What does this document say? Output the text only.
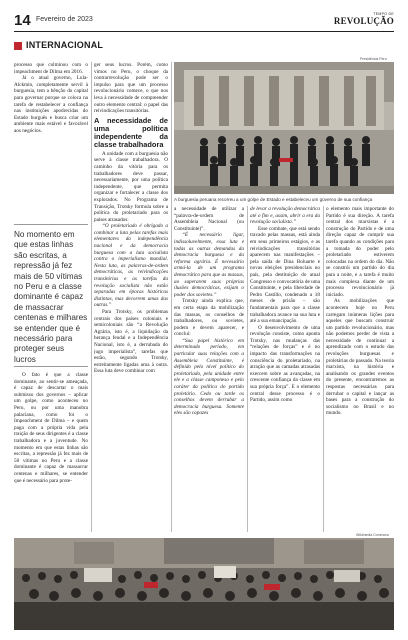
14 Fevereiro de 2023
TEMPO DE
REVOLUÇÃO
INTERNACIONAL

processo que culminou com o impeachment de Dilma em 2016.

Já o atual governo, Lula-Alckmin, completamente servil à burguesia, tem a bênção do capital para governar porque se coloca na tarefa de restabelecer a confiança nas instituições apodrecidas do Estado burguês e busca criar um ambiente mais estável e favorável aos negócios.

No momento em que estas linhas são escritas, a repressão já fez mais de 50 vítimas no Peru e a classe dominante é capaz de massacrar centenas e milhares se entender que é necessário para proteger seus lucros

O fato é que a classe dominante, ao sentir-se ameaçada, é capaz de descartar o mais submisso dos governos – aplicar um golpe, como aconteceu no Peru, ou por uma manobra palaciana, como foi o Impeachment de Dilma – e quem paga com a própria vida pela traição de seus dirigentes é a classe trabalhadora e a juventude. No momento em que estas linhas são escritas, a repressão já fez mais de 50 vítimas no Peru e a classe dominante é capaz de massacrar centenas e milhares, se entender que é necessário para prote-

ger seus lucros. Porém, como vimos no Peru, o choque da contrarrevolução pode ser o impulso para que um processo revolucionário comece, o que nos leva à necessidade de compreender outro elemento central: o papel das reivindicações transitórias.

A necessidade de uma política independente da classe trabalhadora

A unidade com a burguesia não serve à classe trabalhadora. O caminho da vitória para os trabalhadores deve passar, necessariamente, por uma política independente, que permita organizar e fortalecer a classe dos explorados. No Programa de Transição, Trotsky formula sobre a política do proletariado para os países atrasados:

“O proletariado é obrigado a combinar a luta pelas tarefas mais elementares da independência nacional e da democracia burguesa com a luta socialista contra o imperialismo mundial. Nesta luta, as palavras-de-ordem democráticas, as reivindicações transitórias e as tarefas da revolução socialista não estão separadas em épocas históricas distintas, mas decorrem umas das outras.”

Para Trotsky, os problemas centrais dos países coloniais e semicoloniais são “a Revolução Agrária, isto é, a liquidação da herança feudal e a Independência Nacional, isto é, a derrubada do jugo imperialista”, tarefas que estão, segundo Trotsky, estreitamente ligadas uma à outra. Essa luta deve combinar com

Presidência Peru
A burguesia peruana recorreu a um golpe de Estado e estabeleceu um governo de sua confiança

a necessidade de utilizar a “palavra-de-ordem de Assembleia Nacional (ou Constituinte)”.

“É necessário ligar, indissoluvelmente, essa luta e todas as outras demandas da democracia burguesa e da reforma agrária. É necessário armá-la de um programa democrático para que as massas, ao superarem suas próprias ilusões democráticas, exijam o poder dos sovietes.”

Trotsky ainda explica que, em certa etapa da mobilização das massas, os conselhos de trabalhadores, ou sovietes, podem e devem aparecer, e conclui:

“Sua papel histórico em determinado período, em particular suas relações com a Assembleia Constituinte, é definido pelo nível político do proletariado, pela unidade entre ele e a classe camponesa e pelo caráter da política do partido proletário. Cedo ou tarde os conselhos devem derrubar a democracia burguesa. Somente eles são capazes

de levar a revolução democrática até o fim e, assim, abrir a era da revolução socialista.”

Esse combate, que está sendo travado pelas massas, está ainda em seus primeiros estágios, e as reivindicações transitórias aparecem nas manifestações – pela saída de Dina Boluarte e novas eleições presidenciais no país, pela destituição do atual Congresso e convocatória de uma Constituinte, e pela liberdade de Pedro Castillo, condenado a 18 meses de prisão – são fundamentais para que a classe trabalhadora avance na sua luta e até a sua emancipação.

O desenvolvimento de uma revolução consiste, como aponta Trotsky, nas mudanças das “relações de forças” e é no impacto das transformações na consciência do proletariado, na atração que as camadas atrasadas exercem sobre as avançadas, na crescente confiança da classe em sua própria força”. E o elemento central desse processo é o Partido, assim como

o elemento mais importante do Partido é sua direção. A tarefa central dos marxistas é a construção do Partido e de uma direção capaz de cumprir sua tarefa quando as condições para a tomada do poder pelo proletariado estiverem colocadas na ordem do dia. Não se constrói um partido do dia para a noite, e a tarefa é muito mais complexa diante de um processo revolucionário já iniciado.

As mobilizações que acontecem hoje no Peru carregam inúmeras lições para aqueles que buscam construir um partido revolucionário, mas não podemos perder de vista a necessidade de continuar a aprendizado com o estudo das revoluções burguesas e proletárias do passado. Na teoria marxista, na história e analisando os grandes eventos do presente, encontraremos as respostas necessárias para derrubar o capital e lançar as bases para a construção do socialismo no Brasil e no mundo.

Wikimedia Commons
